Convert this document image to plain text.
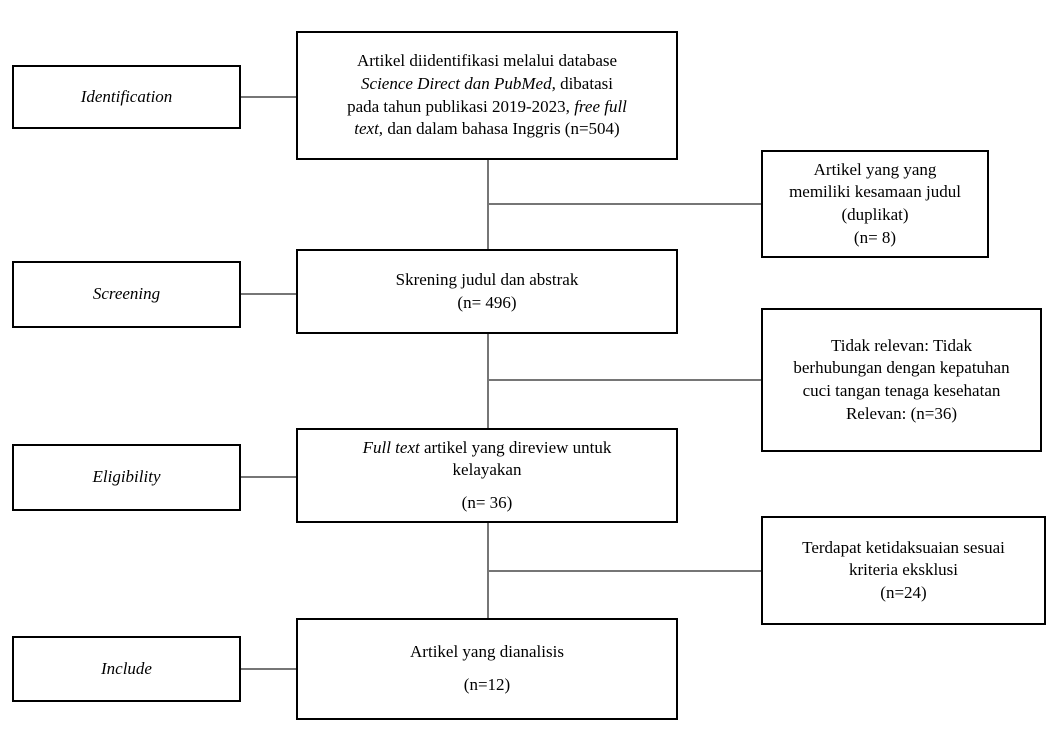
Identification
Screening
Eligibility
Include
Artikel diidentifikasi melalui database
Science Direct dan PubMed, dibatasi
pada tahun publikasi 2019-2023, free full
text, dan dalam bahasa Inggris (n=504)
Skrening judul dan abstrak
(n= 496)
Full text artikel yang direview untuk
kelayakan
(n= 36)
Artikel yang dianalisis
(n=12)
Artikel yang yang
memiliki kesamaan judul
(duplikat)
(n= 8)
Tidak relevan: Tidak
berhubungan dengan kepatuhan
cuci tangan tenaga kesehatan
Relevan: (n=36)
Terdapat ketidaksuaian sesuai
kriteria eksklusi
(n=24)
